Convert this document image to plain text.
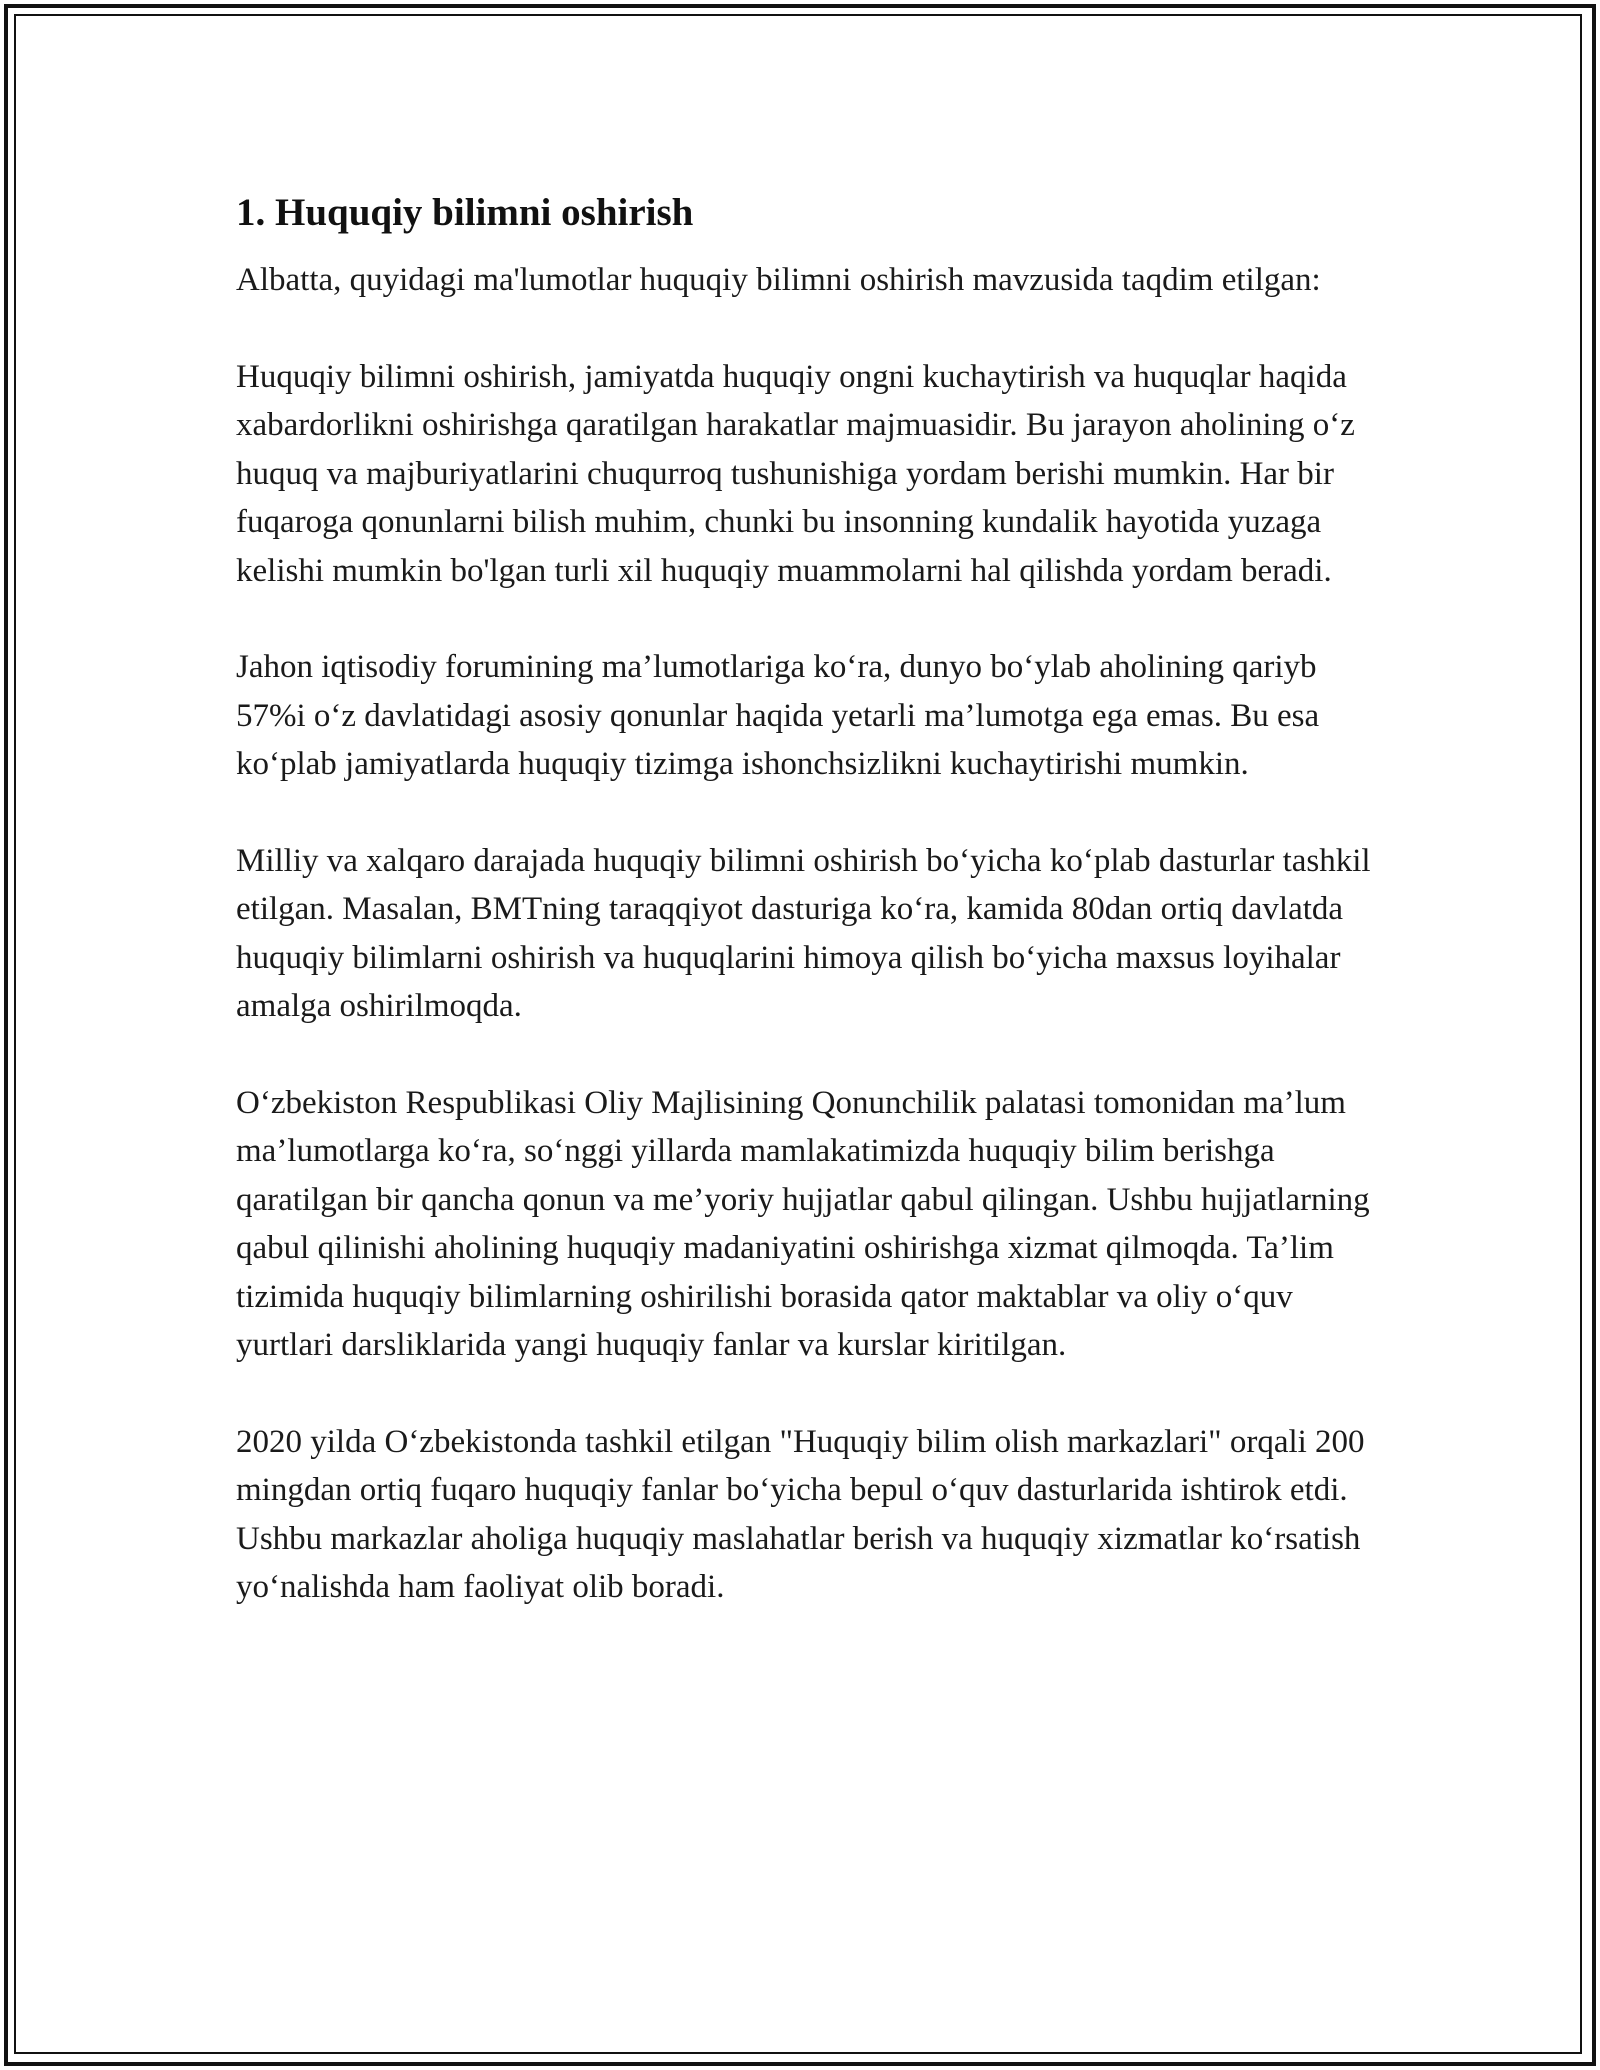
1. Huquqiy bilimni oshirish

Albatta, quyidagi ma'lumotlar huquqiy bilimni oshirish mavzusida taqdim etilgan:

Huquqiy bilimni oshirish, jamiyatda huquqiy ongni kuchaytirish va huquqlar haqida xabardorlikni oshirishga qaratilgan harakatlar majmuasidir. Bu jarayon aholining o‘z huquq va majburiyatlarini chuqurroq tushunishiga yordam berishi mumkin. Har bir fuqaroga qonunlarni bilish muhim, chunki bu insonning kundalik hayotida yuzaga kelishi mumkin bo'lgan turli xil huquqiy muammolarni hal qilishda yordam beradi.

Jahon iqtisodiy forumining ma’lumotlariga ko‘ra, dunyo bo‘ylab aholining qariyb 57%i o‘z davlatidagi asosiy qonunlar haqida yetarli ma’lumotga ega emas. Bu esa ko‘plab jamiyatlarda huquqiy tizimga ishonchsizlikni kuchaytirishi mumkin.

Milliy va xalqaro darajada huquqiy bilimni oshirish bo‘yicha ko‘plab dasturlar tashkil etilgan. Masalan, BMTning taraqqiyot dasturiga ko‘ra, kamida 80dan ortiq davlatda huquqiy bilimlarni oshirish va huquqlarini himoya qilish bo‘yicha maxsus loyihalar amalga oshirilmoqda.

O‘zbekiston Respublikasi Oliy Majlisining Qonunchilik palatasi tomonidan ma’lum ma’lumotlarga ko‘ra, so‘nggi yillarda mamlakatimizda huquqiy bilim berishga qaratilgan bir qancha qonun va me’yoriy hujjatlar qabul qilingan. Ushbu hujjatlarning qabul qilinishi aholining huquqiy madaniyatini oshirishga xizmat qilmoqda. Ta’lim tizimida huquqiy bilimlarning oshirilishi borasida qator maktablar va oliy o‘quv yurtlari darsliklarida yangi huquqiy fanlar va kurslar kiritilgan.

2020 yilda O‘zbekistonda tashkil etilgan "Huquqiy bilim olish markazlari" orqali 200 mingdan ortiq fuqaro huquqiy fanlar bo‘yicha bepul o‘quv dasturlarida ishtirok etdi. Ushbu markazlar aholiga huquqiy maslahatlar berish va huquqiy xizmatlar ko‘rsatish yo‘nalishda ham faoliyat olib boradi.
